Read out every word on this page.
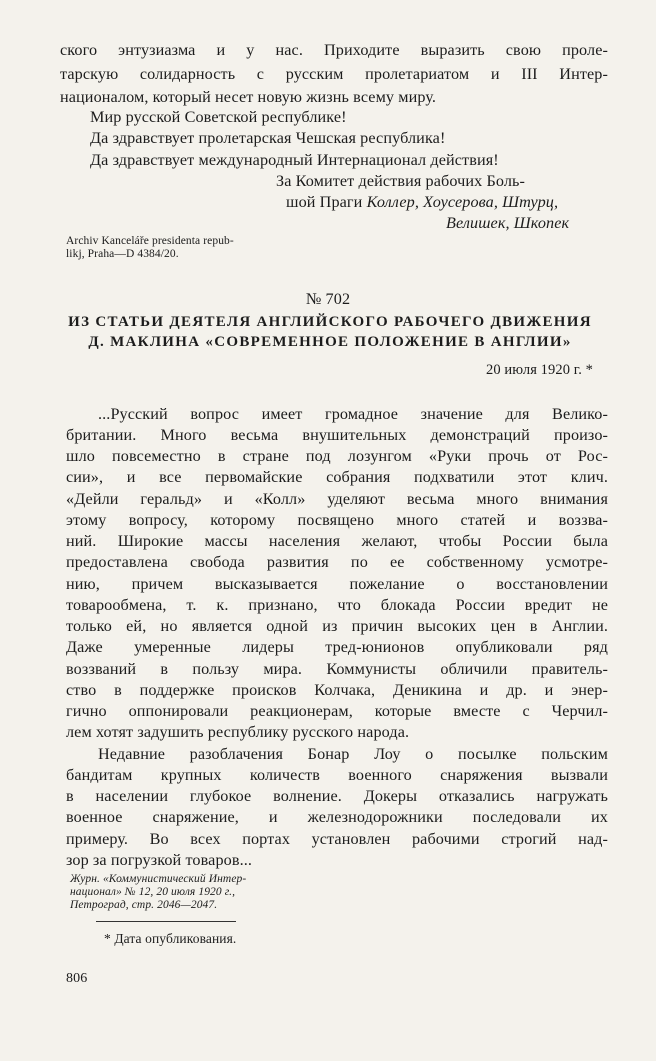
ского энтузиазма и у нас. Приходите выразить свою проле-
тарскую солидарность с русским пролетариатом и III Интер-
националом, который несет новую жизнь всему миру.
Мир русской Советской республике!
Да здравствует пролетарская Чешская республика!
Да здравствует международный Интернационал действия!
За Комитет действия рабочих Боль-
шой Праги Коллер, Хоусерова, Штурц,
Велишек, Шкопек
Archiv Kanceláře presidenta repub-
likj, Praha—D 4384/20.
№ 702
ИЗ СТАТЬИ ДЕЯТЕЛЯ АНГЛИЙСКОГО РАБОЧЕГО ДВИЖЕНИЯ
Д. МАКЛИНА «СОВРЕМЕННОЕ ПОЛОЖЕНИЕ В АНГЛИИ»
20 июля 1920 г. *
...Русский вопрос имеет громадное значение для Велико-
британии. Много весьма внушительных демонстраций произо-
шло повсеместно в стране под лозунгом «Руки прочь от Рос-
сии», и все первомайские собрания подхватили этот клич.
«Дейли геральд» и «Колл» уделяют весьма много внимания
этому вопросу, которому посвящено много статей и воззва-
ний. Широкие массы населения желают, чтобы России была
предоставлена свобода развития по ее собственному усмотре-
нию, причем высказывается пожелание о восстановлении
товарообмена, т. к. признано, что блокада России вредит не
только ей, но является одной из причин высоких цен в Англии.
Даже умеренные лидеры тред-юнионов опубликовали ряд
воззваний в пользу мира. Коммунисты обличили правитель-
ство в поддержке происков Колчака, Деникина и др. и энер-
гично оппонировали реакционерам, которые вместе с Черчил-
лем хотят задушить республику русского народа.
Недавние разоблачения Бонар Лоу о посылке польским
бандитам крупных количеств военного снаряжения вызвали
в населении глубокое волнение. Докеры отказались нагружать
военное снаряжение, и железнодорожники последовали их
примеру. Во всех портах установлен рабочими строгий над-
зор за погрузкой товаров...
Журн. «Коммунистический Интер-
национал» № 12, 20 июля 1920 г.,
Петроград, стр. 2046—2047.
* Дата опубликования.
806
